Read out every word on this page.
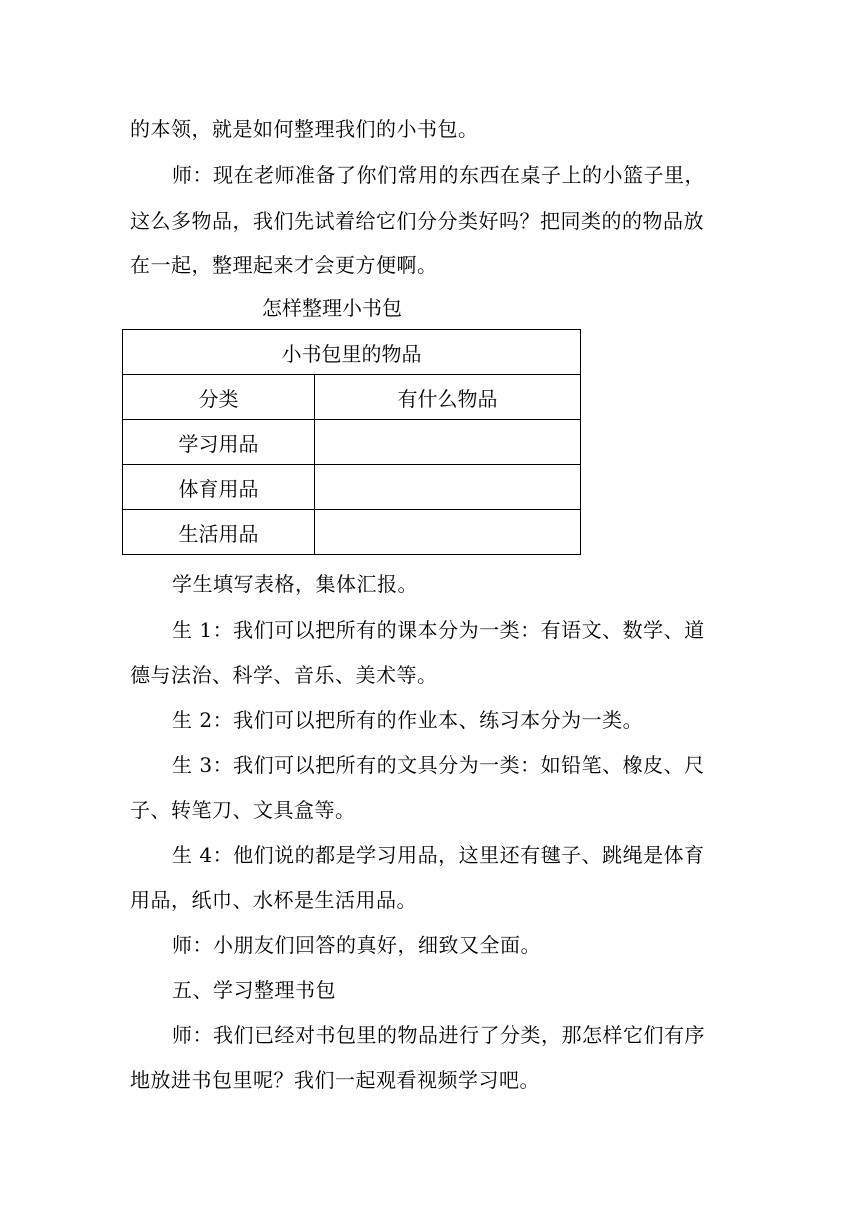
的本领，就是如何整理我们的小书包。
师：现在老师准备了你们常用的东西在桌子上的小篮子里，
这么多物品，我们先试着给它们分分类好吗？把同类的的物品放
在一起，整理起来才会更方便啊。
怎样整理小书包
小书包里的物品	
分类	有什么物品
学习用品	
体育用品	
生活用品	
学生填写表格，集体汇报。
生 1：我们可以把所有的课本分为一类：有语文、数学、道
德与法治、科学、音乐、美术等。
生 2：我们可以把所有的作业本、练习本分为一类。
生 3：我们可以把所有的文具分为一类：如铅笔、橡皮、尺
子、转笔刀、文具盒等。
生 4：他们说的都是学习用品，这里还有毽子、跳绳是体育
用品，纸巾、水杯是生活用品。
师：小朋友们回答的真好，细致又全面。
五、学习整理书包
师：我们已经对书包里的物品进行了分类，那怎样它们有序
地放进书包里呢？我们一起观看视频学习吧。
